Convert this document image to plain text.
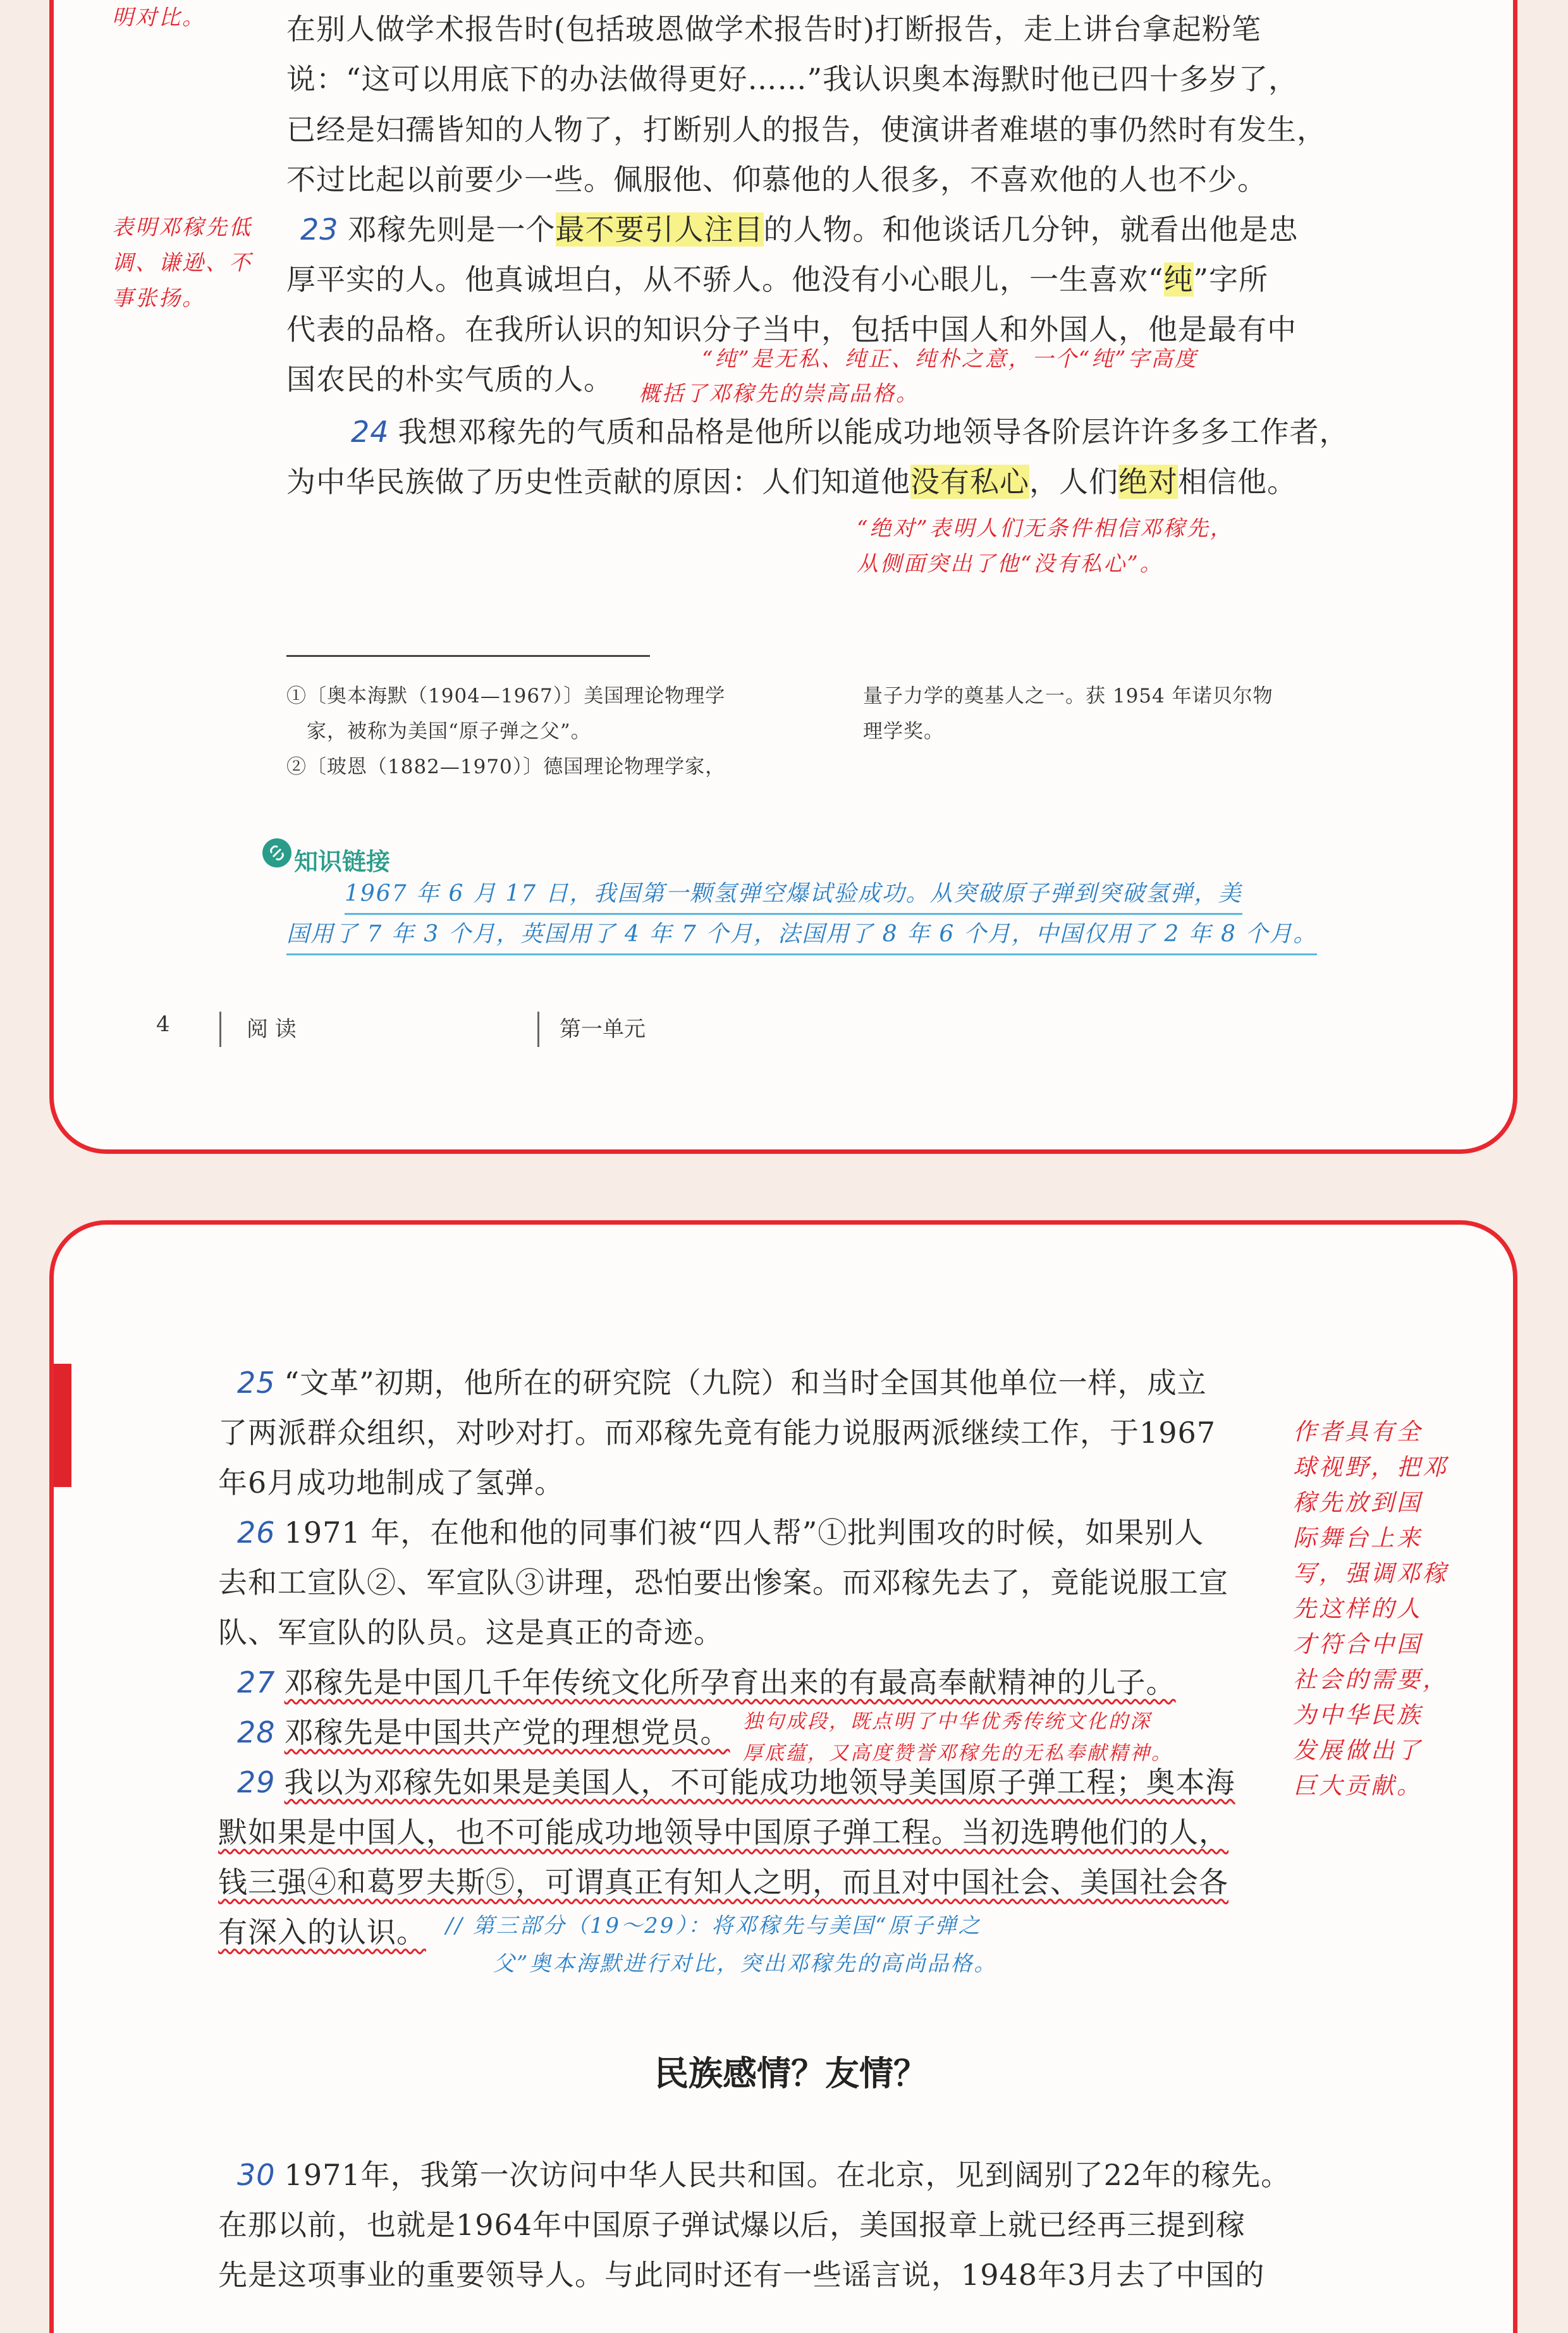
明对比。	在别人做学术报告时(包括玻恩做学术报告时)打断报告，走上讲台拿起粉笔
说：“这可以用底下的办法做得更好……”我认识奥本海默时他已四十多岁了，
已经是妇孺皆知的人物了，打断别人的报告，使演讲者难堪的事仍然时有发生，
不过比起以前要少一些。佩服他、仰慕他的人很多，不喜欢他的人也不少。
表明邓稼先低
调、谦逊、不
事张扬。
23 邓稼先则是一个最不要引人注目的人物。和他谈话几分钟，就看出他是忠
厚平实的人。他真诚坦白，从不骄人。他没有小心眼儿，一生喜欢“纯”字所
代表的品格。在我所认识的知识分子当中，包括中国人和外国人，他是最有中
国农民的朴实气质的人。
“纯”是无私、纯正、纯朴之意，一个“纯”字高度
概括了邓稼先的崇高品格。
24 我想邓稼先的气质和品格是他所以能成功地领导各阶层许许多多工作者，
为中华民族做了历史性贡献的原因：人们知道他没有私心，人们绝对相信他。
“绝对”表明人们无条件相信邓稼先，
从侧面突出了他“没有私心”。
①〔奥本海默（1904—1967）〕美国理论物理学
　家，被称为美国“原子弹之父”。
②〔玻恩（1882—1970）〕德国理论物理学家，
量子力学的奠基人之一。获 1954 年诺贝尔物
理学奖。
知识链接
1967 年 6 月 17 日，我国第一颗氢弹空爆试验成功。从突破原子弹到突破氢弹，美
国用了 7 年 3 个月，英国用了 4 年 7 个月，法国用了 8 年 6 个月，中国仅用了 2 年 8 个月。
4	阅 读	第一单元
25 “文革”初期，他所在的研究院（九院）和当时全国其他单位一样，成立
了两派群众组织，对吵对打。而邓稼先竟有能力说服两派继续工作，于1967
年6月成功地制成了氢弹。
26 1971 年，在他和他的同事们被“四人帮”①批判围攻的时候，如果别人
去和工宣队②、军宣队③讲理，恐怕要出惨案。而邓稼先去了，竟能说服工宣
队、军宣队的队员。这是真正的奇迹。
27 邓稼先是中国几千年传统文化所孕育出来的有最高奉献精神的儿子。
28 邓稼先是中国共产党的理想党员。 独句成段，既点明了中华优秀传统文化的深
厚底蕴，又高度赞誉邓稼先的无私奉献精神。
29 我以为邓稼先如果是美国人，不可能成功地领导美国原子弹工程；奥本海
默如果是中国人，也不可能成功地领导中国原子弹工程。当初选聘他们的人，
钱三强④和葛罗夫斯⑤，可谓真正有知人之明，而且对中国社会、美国社会各
有深入的认识。 // 第三部分（19～29）：将邓稼先与美国“原子弹之
父”奥本海默进行对比，突出邓稼先的高尚品格。
作者具有全
球视野，把邓
稼先放到国
际舞台上来
写，强调邓稼
先这样的人
才符合中国
社会的需要，
为中华民族
发展做出了
巨大贡献。
民族感情？友情？
30 1971年，我第一次访问中华人民共和国。在北京，见到阔别了22年的稼先。
在那以前，也就是1964年中国原子弹试爆以后，美国报章上就已经再三提到稼
先是这项事业的重要领导人。与此同时还有一些谣言说，1948年3月去了中国的
